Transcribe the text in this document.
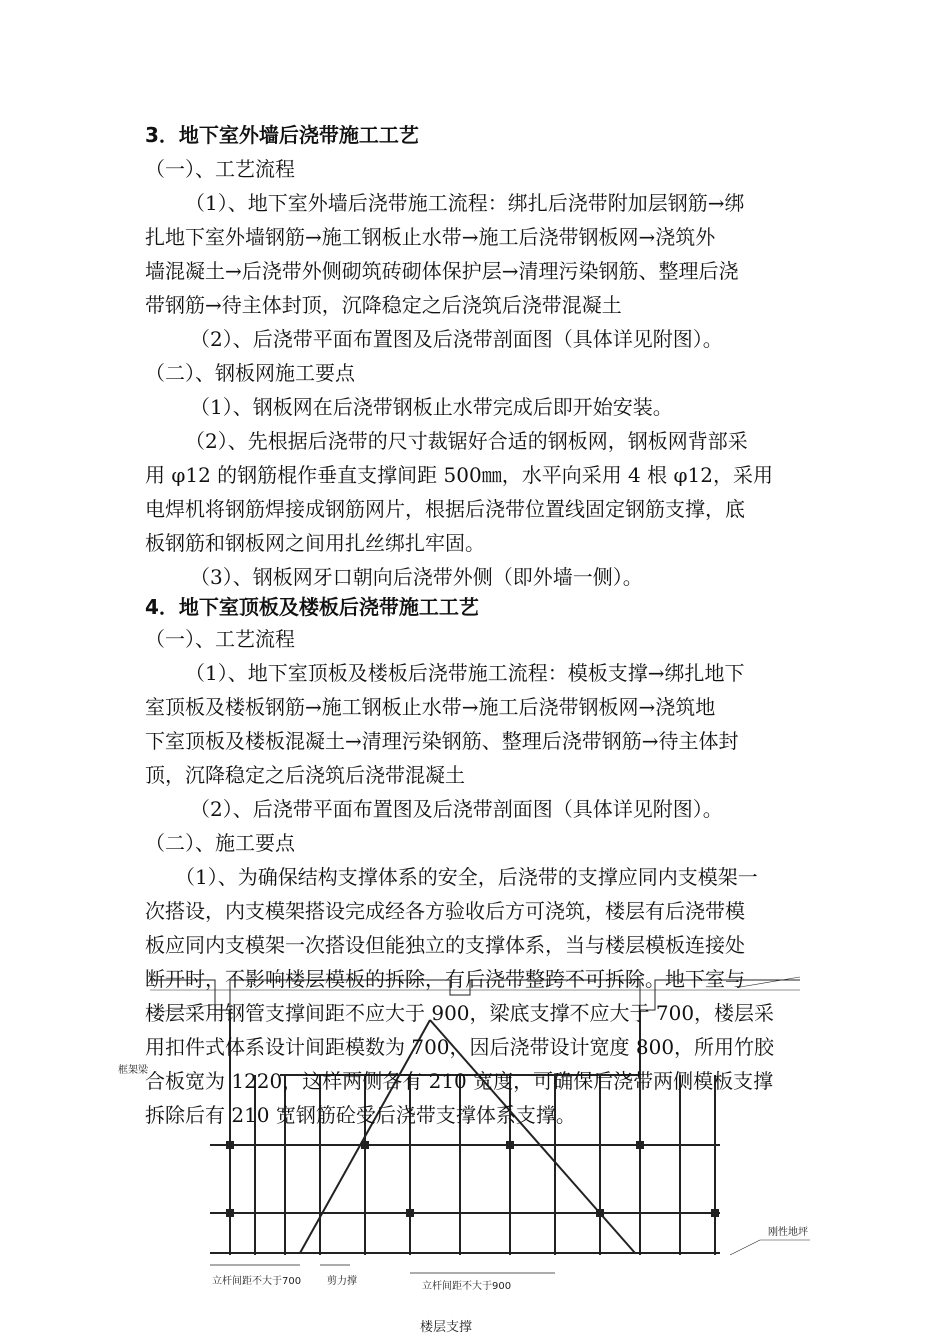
框架梁
刚性地坪
立杆间距不大于700	剪力撑	立杆间距不大于900
楼层支撑

3．地下室外墙后浇带施工工艺

（一）、工艺流程

（1）、地下室外墙后浇带施工流程：绑扎后浇带附加层钢筋→绑

扎地下室外墙钢筋→施工钢板止水带→施工后浇带钢板网→浇筑外

墙混凝土→后浇带外侧砌筑砖砌体保护层→清理污染钢筋、整理后浇

带钢筋→待主体封顶，沉降稳定之后浇筑后浇带混凝土

（2）、后浇带平面布置图及后浇带剖面图（具体详见附图）。

（二）、钢板网施工要点

（1）、钢板网在后浇带钢板止水带完成后即开始安装。

（2）、先根据后浇带的尺寸裁锯好合适的钢板网，钢板网背部采

用 φ12 的钢筋棍作垂直支撑间距 500㎜，水平向采用 4 根 φ12，采用

电焊机将钢筋焊接成钢筋网片，根据后浇带位置线固定钢筋支撑，底

板钢筋和钢板网之间用扎丝绑扎牢固。

（3）、钢板网牙口朝向后浇带外侧（即外墙一侧）。

4．地下室顶板及楼板后浇带施工工艺

（一）、工艺流程

（1）、地下室顶板及楼板后浇带施工流程：模板支撑→绑扎地下

室顶板及楼板钢筋→施工钢板止水带→施工后浇带钢板网→浇筑地

下室顶板及楼板混凝土→清理污染钢筋、整理后浇带钢筋→待主体封

顶，沉降稳定之后浇筑后浇带混凝土

（2）、后浇带平面布置图及后浇带剖面图（具体详见附图）。

（二）、施工要点

（1）、为确保结构支撑体系的安全，后浇带的支撑应同内支模架一

次搭设，内支模架搭设完成经各方验收后方可浇筑，楼层有后浇带模

板应同内支模架一次搭设但能独立的支撑体系，当与楼层模板连接处

断开时，不影响楼层模板的拆除，有后浇带整跨不可拆除。地下室与

楼层采用钢管支撑间距不应大于 900，梁底支撑不应大于 700，楼层采

用扣件式体系设计间距模数为 700，因后浇带设计宽度 800，所用竹胶

合板宽为 1220，这样两侧各有 210 宽度，可确保后浇带两侧模板支撑

拆除后有 210 宽钢筋砼受后浇带支撑体系支撑。
